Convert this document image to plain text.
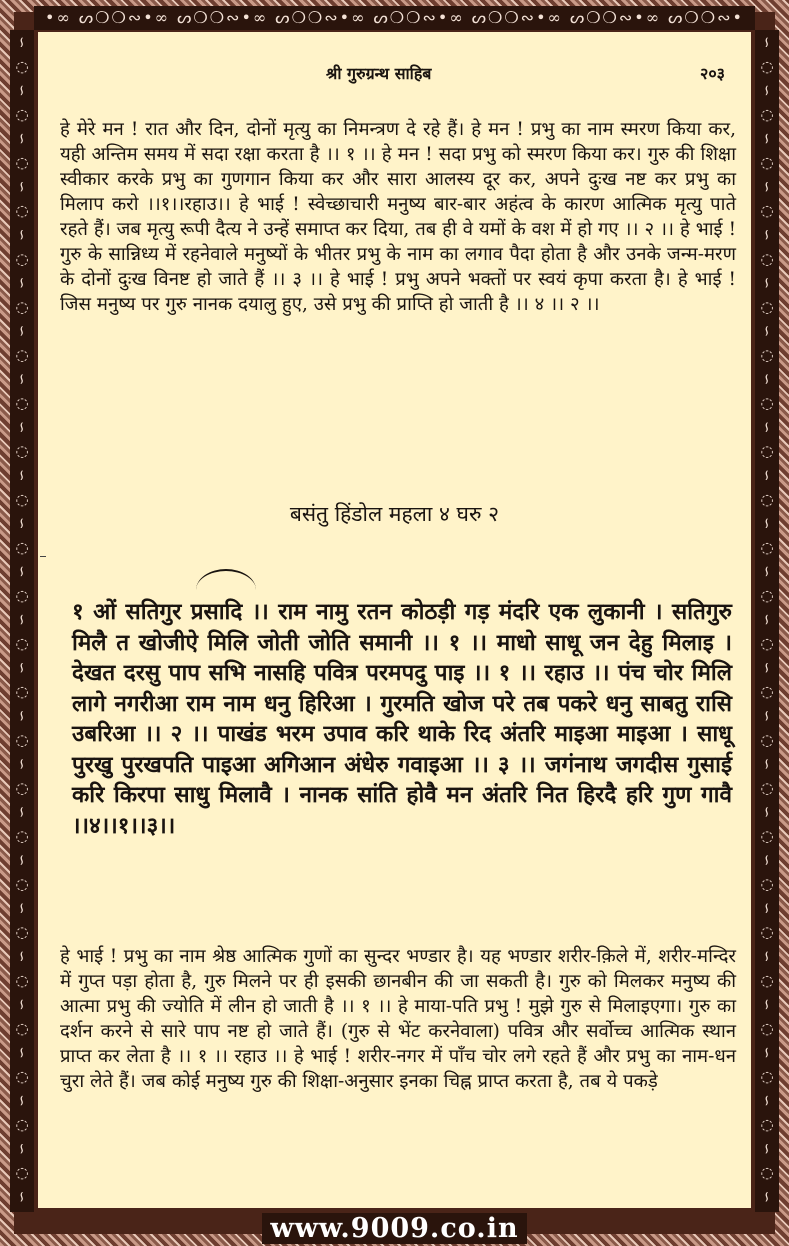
•∞ ᔕ❍❍∾•∞ ᔕ❍❍∾•∞ ᔕ❍❍∾•∞ ᔕ❍❍∾•∞ ᔕ❍❍∾•∞ ᔕ❍❍∾•∞ ᔕ❍❍∾•
∽ ◌ ∽ ◌ ∽ ◌ ∽ ◌ ∽ ◌ ∽ ◌ ∽ ◌ ∽ ◌ ∽ ◌ ∽ ◌ ∽ ◌ ∽ ◌ ∽ ◌ ∽ ◌ ∽ ◌ ∽ ◌ ∽ ◌ ∽ ◌ ∽ ◌ ∽ ◌ ∽ ◌ ∽ ◌ ∽ ◌ ∽ ◌ ∽	∽ ◌ ∽ ◌ ∽ ◌ ∽ ◌ ∽ ◌ ∽ ◌ ∽ ◌ ∽ ◌ ∽ ◌ ∽ ◌ ∽ ◌ ∽ ◌ ∽ ◌ ∽ ◌ ∽ ◌ ∽ ◌ ∽ ◌ ∽ ◌ ∽ ◌ ∽ ◌ ∽ ◌ ∽ ◌ ∽ ◌ ∽ ◌ ∽
श्री गुरुग्रन्थ साहिब	२०३
हे मेरे मन ! रात और दिन, दोनों मृत्यु का निमन्त्रण दे रहे हैं। हे मन ! प्रभु का नाम स्मरण किया कर, यही अन्तिम समय में सदा रक्षा करता है ।। १ ।। हे मन ! सदा प्रभु को स्मरण किया कर। गुरु की शिक्षा स्वीकार करके प्रभु का गुणगान किया कर और सारा आलस्य दूर कर, अपने दुःख नष्ट कर प्रभु का मिलाप करो ।।१।।रहाउ।। हे भाई ! स्वेच्छाचारी मनुष्य बार-बार अहंत्व के कारण आत्मिक मृत्यु पाते रहते हैं। जब मृत्यु रूपी दैत्य ने उन्हें समाप्त कर दिया, तब ही वे यमों के वश में हो गए ।। २ ।। हे भाई ! गुरु के सान्निध्य में रहनेवाले मनुष्यों के भीतर प्रभु के नाम का लगाव पैदा होता है और उनके जन्म-मरण के दोनों दुःख विनष्ट हो जाते हैं ।। ३ ।। हे भाई ! प्रभु अपने भक्तों पर स्वयं कृपा करता है। हे भाई ! जिस मनुष्य पर गुरु नानक दयालु हुए, उसे प्रभु की प्राप्ति हो जाती है ।। ४ ।। २ ।।
बसंतु हिंडोल महला ४ घरु २
१ ओं सतिगुर प्रसादि ।। राम नामु रतन कोठड़ी गड़ मंदरि एक लुकानी । सतिगुरु मिलै त खोजीऐ मिलि जोती जोति समानी ।। १ ।। माधो साधू जन देहु मिलाइ । देखत दरसु पाप सभि नासहि पवित्र परमपदु पाइ ।। १ ।। रहाउ ।। पंच चोर मिलि लागे नगरीआ राम नाम धनु हिरिआ । गुरमति खोज परे तब पकरे धनु साबतु रासि उबरिआ ।। २ ।। पाखंड भरम उपाव करि थाके रिद अंतरि माइआ माइआ । साधू पुरखु पुरखपति पाइआ अगिआन अंधेरु गवाइआ ।। ३ ।। जगंनाथ जगदीस गुसाई करि किरपा साधु मिलावै । नानक सांति होवै मन अंतरि नित हिरदै हरि गुण गावै ।।४।।१।।३।।
हे भाई ! प्रभु का नाम श्रेष्ठ आत्मिक गुणों का सुन्दर भण्डार है। यह भण्डार शरीर-क़िले में, शरीर-मन्दिर में गुप्त पड़ा होता है, गुरु मिलने पर ही इसकी छानबीन की जा सकती है। गुरु को मिलकर मनुष्य की आत्मा प्रभु की ज्योति में लीन हो जाती है ।। १ ।। हे माया-पति प्रभु ! मुझे गुरु से मिलाइएगा। गुरु का दर्शन करने से सारे पाप नष्ट हो जाते हैं। (गुरु से भेंट करनेवाला) पवित्र और सर्वोच्च आत्मिक स्थान प्राप्त कर लेता है ।। १ ।। रहाउ ।। हे भाई ! शरीर-नगर में पाँच चोर लगे रहते हैं और प्रभु का नाम-धन चुरा लेते हैं। जब कोई मनुष्य गुरु की शिक्षा-अनुसार इनका चिह्न प्राप्त करता है, तब ये पकड़े
www.9009.co.in
